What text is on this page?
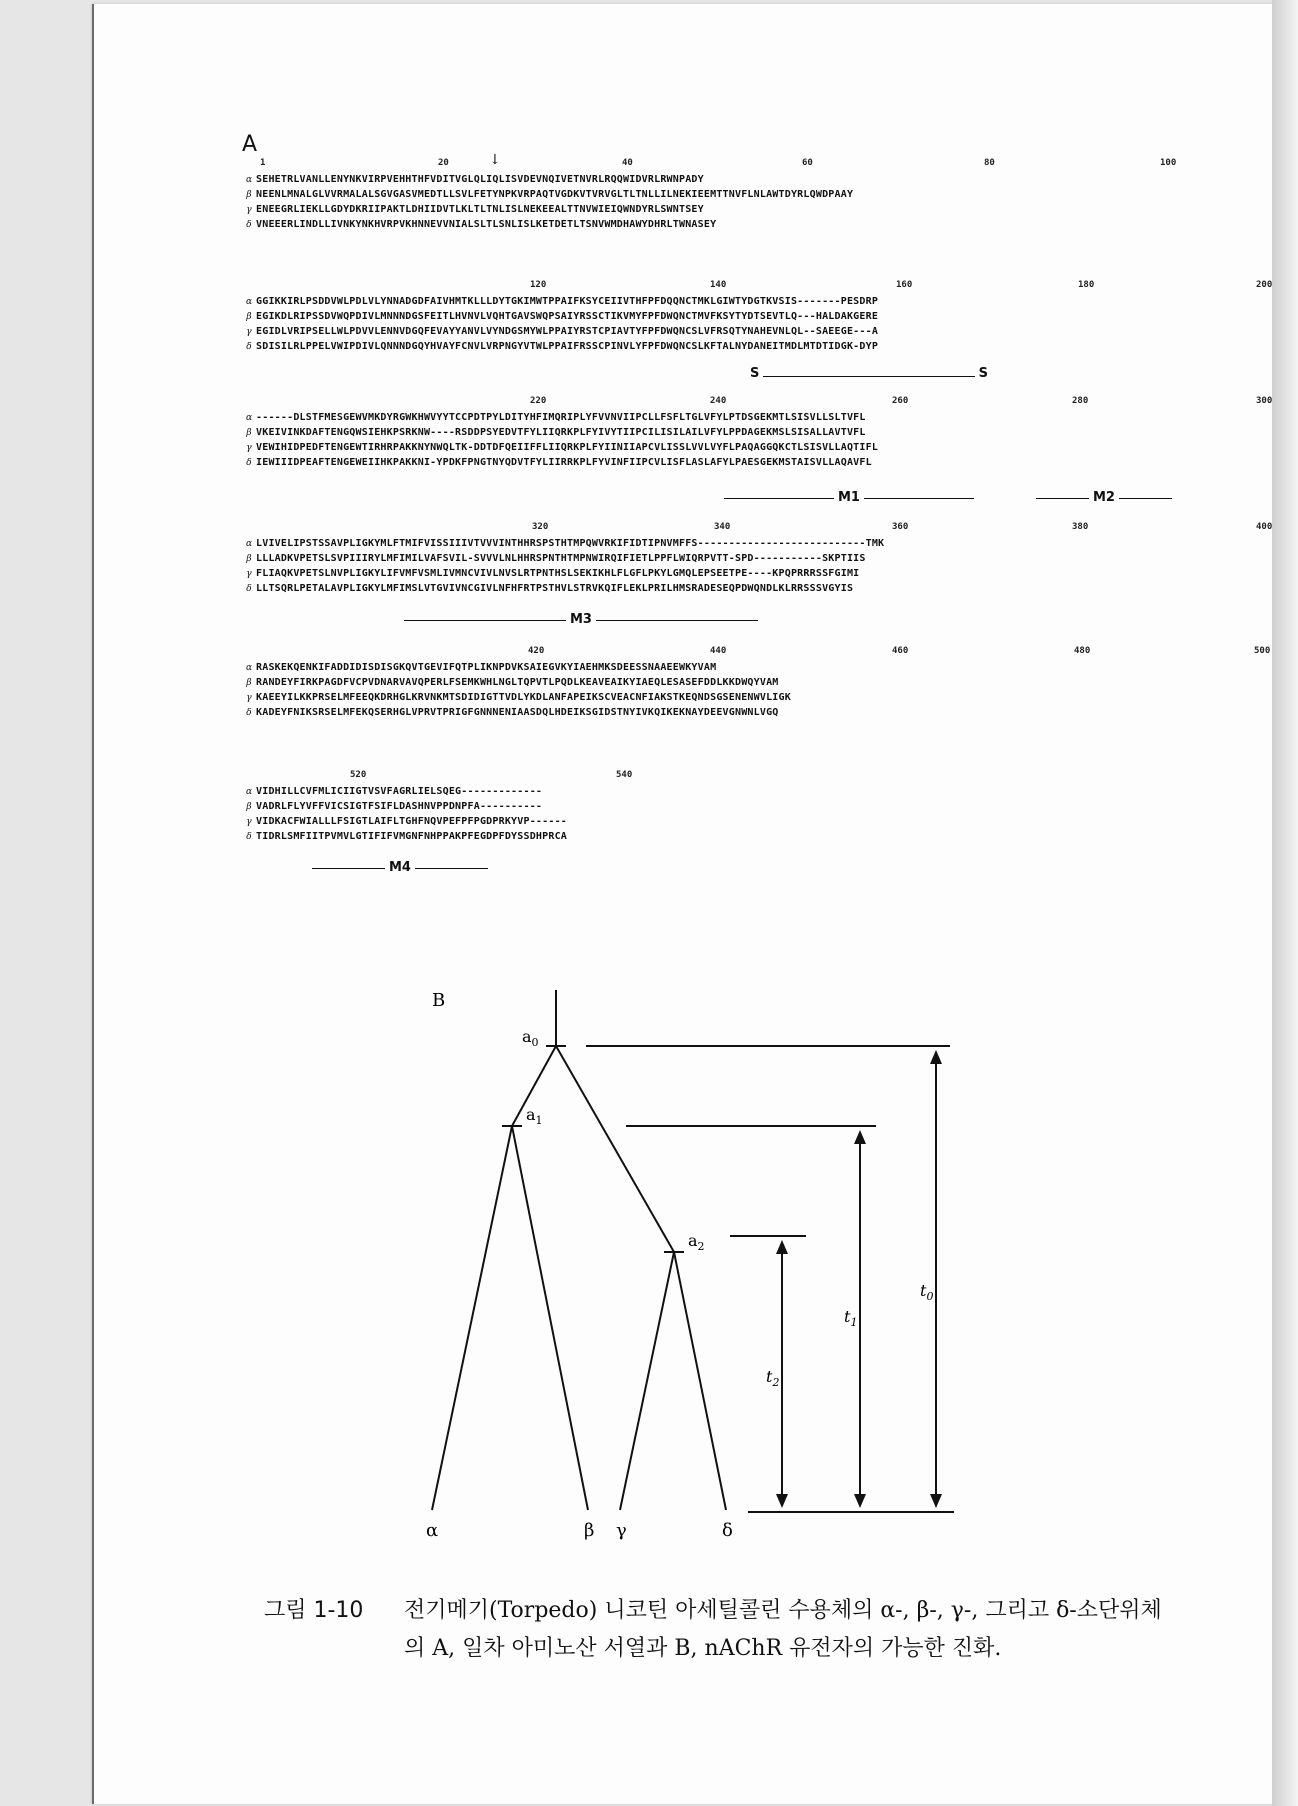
A
1	20	40	60	80	100
↓
α SEHETRLVANLLENYNKVIRPVEHHTHFVDITVGLQLIQLISVDEVNQIVETNVRLRQQWIDVRLRWNPADY
β NEENLMNALGLVVRMALALSGVGASVMEDTLLSVLFETYNPKVRPAQTVGDKVTVRVGLTLTNLLILNEKIEEMTTNVFLNLAWTDYRLQWDPAAY
γ ENEEGRLIEKLLGDYDKRIIPAKTLDHIIDVTLKLTLTNLISLNEKEEALTTNVWIEIQWNDYRLSWNTSEY
δ VNEEERLINDLLIVNKYNKHVRPVKHNNEVVNIALSLTLSNLISLKETDETLTSNVWMDHAWYDHRLTWNASEY
120	140	160	180	200
α GGIKKIRLPSDDVWLPDLVLYNNADGDFAIVHMTKLLLDYTGKIMWTPPAIFKSYCEIIVTHFPFDQQNCTMKLGIWTYDGTKVSIS-------PESDRP
β EGIKDLRIPSSDVWQPDIVLMNNNDGSFEITLHVNVLVQHTGAVSWQPSAIYRSSCTIKVMYFPFDWQNCTMVFKSYTYDTSEVTLQ---HALDAKGERE
γ EGIDLVRIPSELLWLPDVVLENNVDGQFEVAYYANVLVYNDGSMYWLPPAIYRSTCPIAVTYFPFDWQNCSLVFRSQTYNAHEVNLQL--SAEEGE---A
δ SDISILRLPPELVWIPDIVLQNNNDGQYHVAYFCNVLVRPNGYVTWLPPAIFRSSCPINVLYFPFDWQNCSLKFTALNYDANEITMDLMTDTIDGK-DYP
S	S
220	240	260	280	300
α ------DLSTFMESGEWVMKDYRGWKHWVYYTCCPDTPYLDITYHFIMQRIPLYFVVNVIIPCLLFSFLTGLVFYLPTDSGEKMTLSISVLLSLTVFL
β VKEIVINKDAFTENGQWSIEHKPSRKNW----RSDDPSYEDVTFYLIIQRKPLFYIVYTIIPCILISILAILVFYLPPDAGEKMSLSISALLAVTVFL
γ VEWIHIDPEDFTENGEWTIRHRPAKKNYNWQLTK-DDTDFQEIIFFLIIQRKPLFYIINIIAPCVLISSLVVLVYFLPAQAGGQKCTLSISVLLAQTIFL
δ IEWIIIDPEAFTENGEWEIIHKPAKKNI-YPDKFPNGTNYQDVTFYLIIRRKPLFYVINFIIPCVLISFLASLAFYLPAESGEKMSTAISVLLAQAVFL
M1	M2
320	340	360	380	400
α LVIVELIPSTSSAVPLIGKYMLFTMIFVISSIIIVTVVVINTHHRSPSTHTMPQWVRKIFIDTIPNVMFFS---------------------------TMK
β LLLADKVPETSLSVPIIIRYLMFIMILVAFSVIL-SVVVLNLHHRSPNTHTMPNWIRQIFIETLPPFLWIQRPVTT-SPD-----------SKPTIIS
γ FLIAQKVPETSLNVPLIGKYLIFVMFVSMLIVMNCVIVLNVSLRTPNTHSLSEKIKHLFLGFLPKYLGMQLEPSEETPE----KPQPRRRSSFGIMI
δ LLTSQRLPETALAVPLIGKYLMFIMSLVTGVIVNCGIVLNFHFRTPSTHVLSTRVKQIFLEKLPRILHMSRADESEQPDWQNDLKLRRSSSVGYIS
M3
420	440	460	480	500
α RASKEKQENKIFADDIDISDISGKQVTGEVIFQTPLIKNPDVKSAIEGVKYIAEHMKSDEESSNAAEEWKYVAM
β RANDEYFIRKPAGDFVCPVDNARVAVQPERLFSEMKWHLNGLTQPVTLPQDLKEAVEAIKYIAEQLESASEFDDLKKDWQYVAM
γ KAEEYILKKPRSELMFEEQKDRHGLKRVNKMTSDIDIGTTVDLYKDLANFAPEIKSCVEACNFIAKSTKEQNDSGSENENWVLIGK
δ KADEYFNIKSRSELMFEKQSERHGLVPRVTPRIGFGNNNENIAASDQLHDEIKSGIDSTNYIVKQIKEKNAYDEEVGNWNLVGQ
520	540
α VIDHILLCVFMLICIIGTVSVFAGRLIELSQEG-------------
β VADRLFLYVFFVICSIGTFSIFLDASHNVPPDNPFA----------
γ VIDKACFWIALLLFSIGTLAIFLTGHFNQVPEFPFPGDPRKYVP------
δ TIDRLSMFIITPVMVLGTIFIFVMGNFNHPPAKPFEGDPFDYSSDHPRCA
M4
그림 1-10 전기메기(Torpedo) 니코틴 아세틸콜린 수용체의 α-, β-, γ-, 그리고 δ-소단위체의 A, 일차 아미노산 서열과 B, nAChR 유전자의 가능한 진화.
B
$a_0$
$a_1$
$a_2$
α	β γ	δ
$t_0$
$t_1$
$t_2$
